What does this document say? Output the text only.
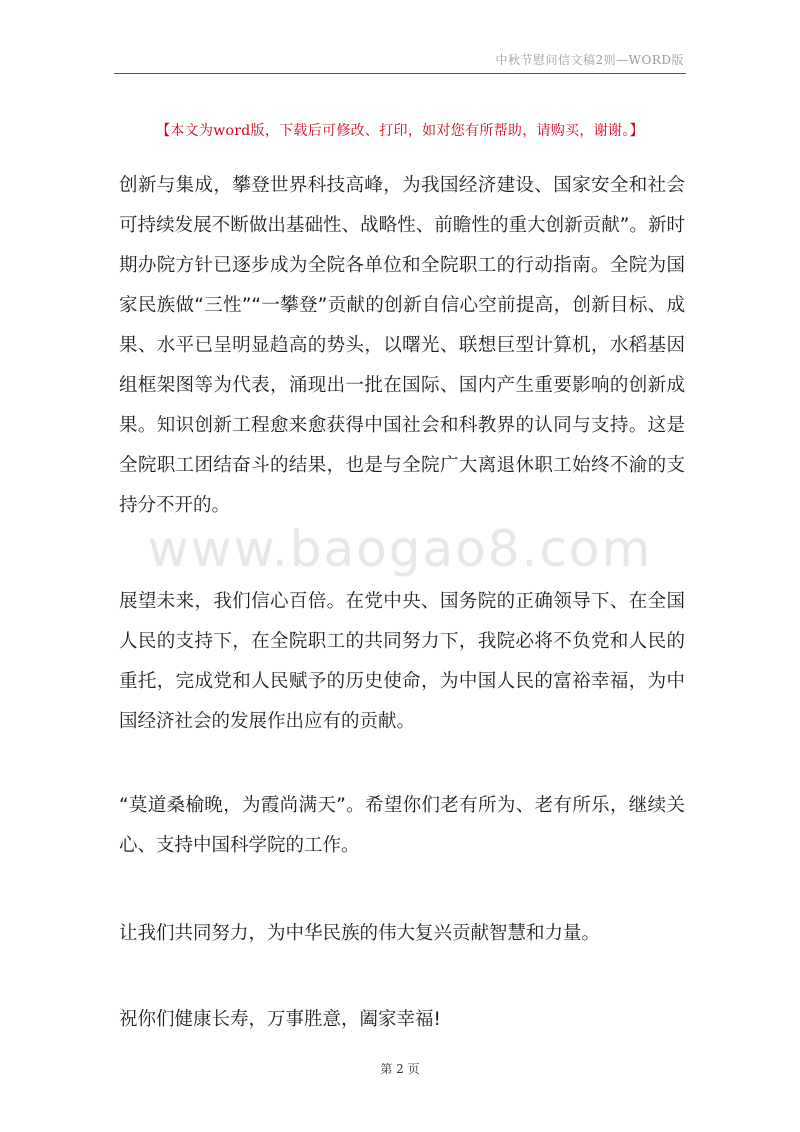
中秋节慰问信文稿2则—WORD版
【本文为word版，下载后可修改、打印，如对您有所帮助，请购买，谢谢。】
创新与集成，攀登世界科技高峰，为我国经济建设、国家安全和社会可持续发展不断做出基础性、战略性、前瞻性的重大创新贡献”。新时期办院方针已逐步成为全院各单位和全院职工的行动指南。全院为国家民族做“三性”“一攀登”贡献的创新自信心空前提高，创新目标、成果、水平已呈明显趋高的势头，以曙光、联想巨型计算机，水稻基因组框架图等为代表，涌现出一批在国际、国内产生重要影响的创新成果。知识创新工程愈来愈获得中国社会和科教界的认同与支持。这是全院职工团结奋斗的结果，也是与全院广大离退休职工始终不渝的支持分不开的。
www.baogao8.com
展望未来，我们信心百倍。在党中央、国务院的正确领导下、在全国人民的支持下，在全院职工的共同努力下，我院必将不负党和人民的重托，完成党和人民赋予的历史使命，为中国人民的富裕幸福，为中国经济社会的发展作出应有的贡献。
“莫道桑榆晚，为霞尚满天”。希望你们老有所为、老有所乐，继续关心、支持中国科学院的工作。
让我们共同努力，为中华民族的伟大复兴贡献智慧和力量。
祝你们健康长寿，万事胜意，阖家幸福!
第 2 页
